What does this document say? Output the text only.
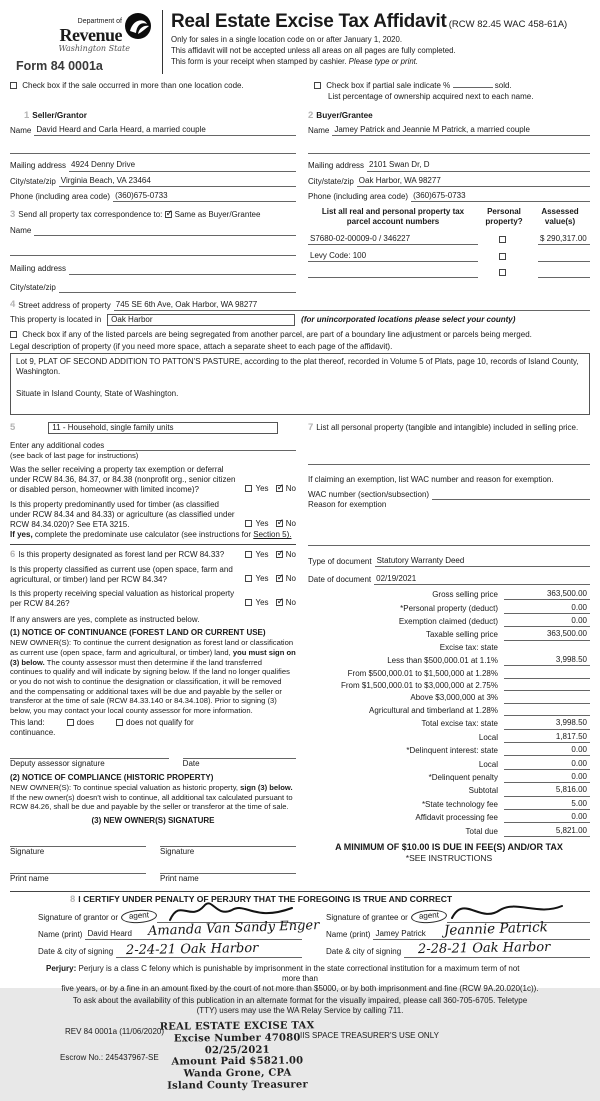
Department of
Revenue
Washington State
Form 84 0001a
Real Estate Excise Tax Affidavit (RCW 82.45 WAC 458-61A)
Only for sales in a single location code on or after January 1, 2020.
This affidavit will not be accepted unless all areas on all pages are fully completed.
This form is your receipt when stamped by cashier. Please type or print.
Check box if the sale occurred in more than one location code.	Check box if partial sale indicate %	sold.
List percentage of ownership acquired next to each name.
1 Seller/Grantor
Name David Heard and Carla Heard, a married couple
Mailing address 4924 Denny Drive
City/state/zip Virginia Beach, VA 23464
Phone (including area code) (360)675-0733
3 Send all property tax correspondence to: ✓ Same as Buyer/Grantee
Name
Mailing address
City/state/zip
2 Buyer/Grantee
Name Jamey Patrick and Jeannie M Patrick, a married couple
Mailing address 2101 Swan Dr, D
City/state/zip Oak Harbor, WA 98277
Phone (including area code) (360)675-0733
List all real and personal property tax
parcel account numbers
Personal
property?
Assessed
value(s)
S7680-02-00009-0 / 346227	$ 290,317.00
Levy Code: 100
4 Street address of property 745 SE 6th Ave, Oak Harbor, WA 98277
This property is located in	Oak Harbor	(for unincorporated locations please select your county)
Check box if any of the listed parcels are being segregated from another parcel, are part of a boundary line adjustment or parcels being merged.
Legal description of property (if you need more space, attach a separate sheet to each page of the affidavit).
Lot 9, PLAT OF SECOND ADDITION TO PATTON'S PASTURE, according to the plat thereof, recorded in Volume 5 of Plats, page 10, records of Island County, Washington.
Situate in Island County, State of Washington.
5	11 - Household, single family units
Enter any additional codes
(see back of last page for instructions)
Was the seller receiving a property tax exemption or deferral under RCW 84.36, 84.37, or 84.38 (nonprofit org., senior citizen or disabled person, homeowner with limited income)?	Yes ✓ No
Is this property predominantly used for timber (as classified under RCW 84.34 and 84.33) or agriculture (as classified under RCW 84.34.020)? See ETA 3215.	Yes ✓ No
If yes, complete the predominate use calculator (see instructions for Section 5).
6 Is this property designated as forest land per RCW 84.33?	Yes ✓ No
Is this property classified as current use (open space, farm and agricultural, or timber) land per RCW 84.34?	Yes ✓ No
Is this property receiving special valuation as historical property per RCW 84.26?	Yes ✓ No
If any answers are yes, complete as instructed below.
(1) NOTICE OF CONTINUANCE (FOREST LAND OR CURRENT USE)
NEW OWNER(S): To continue the current designation as forest land or classification as current use (open space, farm and agricultural, or timber) land, you must sign on (3) below. The county assessor must then determine if the land transferred continues to qualify and will indicate by signing below. If the land no longer qualifies or you do not wish to continue the designation or classification, it will be removed and the compensating or additional taxes will be due and payable by the seller or transferor at the time of sale (RCW 84.33.140 or 84.34.108). Prior to signing (3) below, you may contact your local county assessor for more information.
This land:	does	does not qualify for
continuance.
Deputy assessor signature	Date
(2) NOTICE OF COMPLIANCE (HISTORIC PROPERTY)
NEW OWNER(S): To continue special valuation as historic property, sign (3) below. If the new owner(s) doesn't wish to continue, all additional tax calculated pursuant to RCW 84.26, shall be due and payable by the seller or transferor at the time of sale.
(3) NEW OWNER(S) SIGNATURE
Signature	Signature
Print name	Print name
7 List all personal property (tangible and intangible) included in selling price.
If claiming an exemption, list WAC number and reason for exemption.
WAC number (section/subsection)
Reason for exemption
Type of document Statutory Warranty Deed
Date of document 02/19/2021
Gross selling price	363,500.00
*Personal property (deduct)	0.00
Exemption claimed (deduct)	0.00
Taxable selling price	363,500.00
Excise tax: state
Less than $500,000.01 at 1.1%	3,998.50
From $500,000.01 to $1,500,000 at 1.28%
From $1,500,000.01 to $3,000,000 at 2.75%
Above $3,000,000 at 3%
Agricultural and timberland at 1.28%
Total excise tax: state	3,998.50
Local	1,817.50
*Delinquent interest: state	0.00
Local	0.00
*Delinquent penalty	0.00
Subtotal	5,816.00
*State technology fee	5.00
Affidavit processing fee	0.00
Total due	5,821.00
A MINIMUM OF $10.00 IS DUE IN FEE(S) AND/OR TAX
*SEE INSTRUCTIONS
8 I CERTIFY UNDER PENALTY OF PERJURY THAT THE FOREGOING IS TRUE AND CORRECT
Signature of grantor or	agent
Name (print) David Heard	Amanda Van Sandy Enger
Date & city of signing 2-24-21 Oak Harbor
Signature of grantee or	agent
Name (print) Jamey Patrick	Jeannie Patrick
Date & city of signing 2-28-21 Oak Harbor
Perjury: Perjury is a class C felony which is punishable by imprisonment in the state correctional institution for a maximum term of not
more than
five years, or by a fine in an amount fixed by the court of not more than $5000, or by both imprisonment and fine (RCW 9A.20.020(1c)).
To ask about the availability of this publication in an alternate format for the visually impaired, please call 360-705-6705. Teletype
(TTY) users may use the WA Relay Service by calling 711.
REV 84 0001a (11/06/2020)
Escrow No.: 245437967-SE
REAL ESTATE EXCISE TAX
Excise Number 47080
02/25/2021
Amount Paid $5821.00
Wanda Grone, CPA
Island County Treasurer
IIS SPACE TREASURER'S USE ONLY
